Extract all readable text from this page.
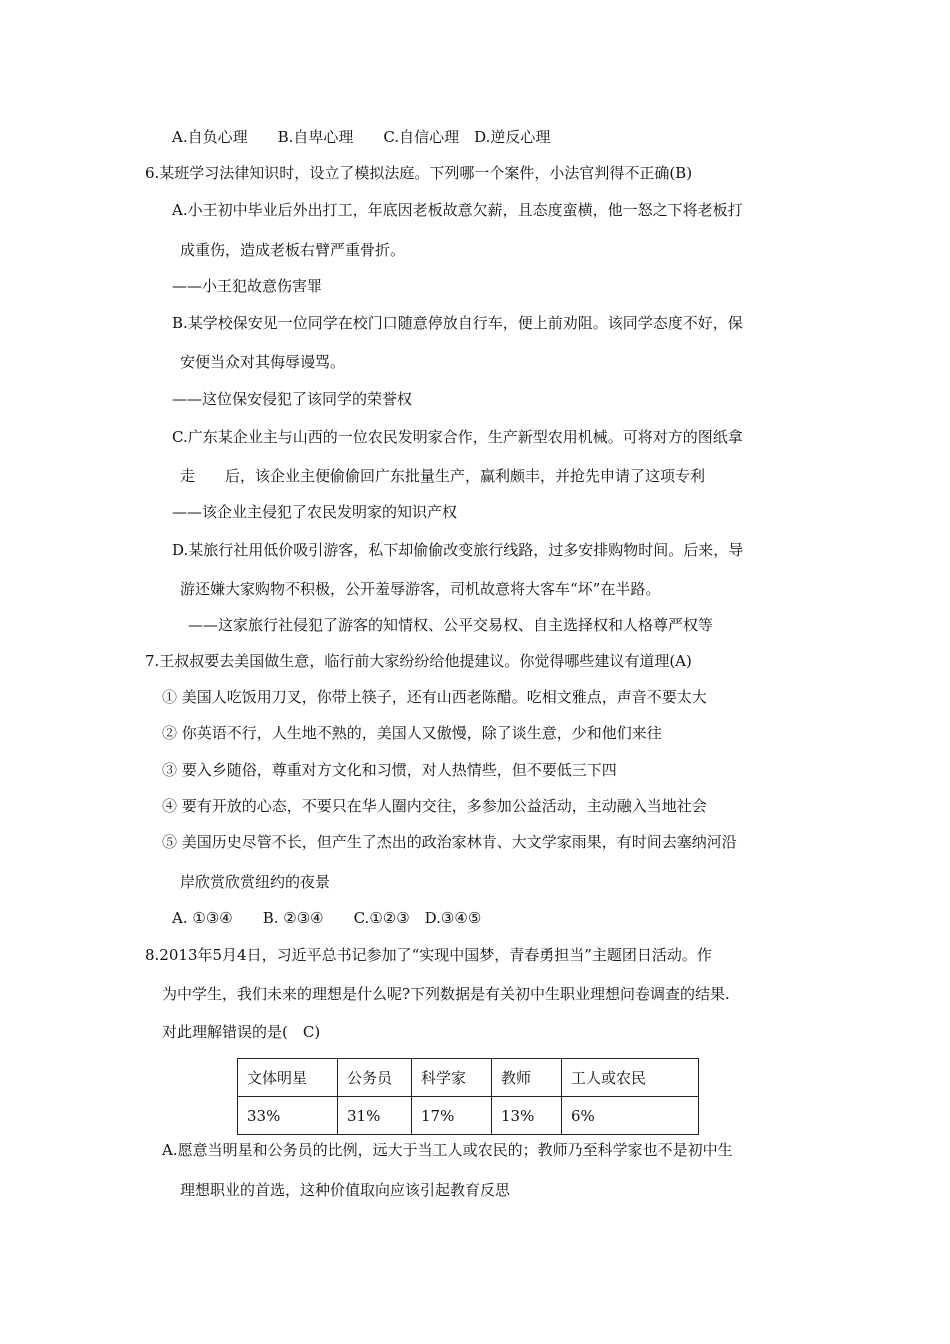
A.自负心理　　B.自卑心理　　C.自信心理　D.逆反心理
6.某班学习法律知识时，设立了模拟法庭。下列哪一个案件，小法官判得不正确(B)
A.小王初中毕业后外出打工，年底因老板故意欠薪，且态度蛮横，他一怒之下将老板打
成重伤，造成老板右臂严重骨折。
——小王犯故意伤害罪
B.某学校保安见一位同学在校门口随意停放自行车，便上前劝阻。该同学态度不好，保
安便当众对其侮辱谩骂。
——这位保安侵犯了该同学的荣誉权
C.广东某企业主与山西的一位农民发明家合作，生产新型农用机械。可将对方的图纸拿
走　　后，该企业主便偷偷回广东批量生产，赢利颇丰，并抢先申请了这项专利
——该企业主侵犯了农民发明家的知识产权
D.某旅行社用低价吸引游客，私下却偷偷改变旅行线路，过多安排购物时间。后来，导
游还嫌大家购物不积极，公开羞辱游客，司机故意将大客车“坏”在半路。
——这家旅行社侵犯了游客的知情权、公平交易权、自主选择权和人格尊严权等
7.王叔叔要去美国做生意，临行前大家纷纷给他提建议。你觉得哪些建议有道理(A)
① 美国人吃饭用刀叉，你带上筷子，还有山西老陈醋。吃相文雅点，声音不要太大
② 你英语不行，人生地不熟的，美国人又傲慢，除了谈生意，少和他们来往
③ 要入乡随俗，尊重对方文化和习惯，对人热情些，但不要低三下四
④ 要有开放的心态，不要只在华人圈内交往，多参加公益活动，主动融入当地社会
⑤ 美国历史尽管不长，但产生了杰出的政治家林肯、大文学家雨果，有时间去塞纳河沿
岸欣赏欣赏纽约的夜景
A. ①③④　　B. ②③④　　C.①②③　D.③④⑤
8.2013年5月4日，习近平总书记参加了“实现中国梦，青春勇担当”主题团日活动。作
为中学生，我们未来的理想是什么呢?下列数据是有关初中生职业理想问卷调查的结果.
对此理解错误的是(　C)
文体明星	公务员	科学家	教师	工人或农民
33%	31%	17%	13%	6%
A.愿意当明星和公务员的比例，远大于当工人或农民的；教师乃至科学家也不是初中生
理想职业的首选，这种价值取向应该引起教育反思
